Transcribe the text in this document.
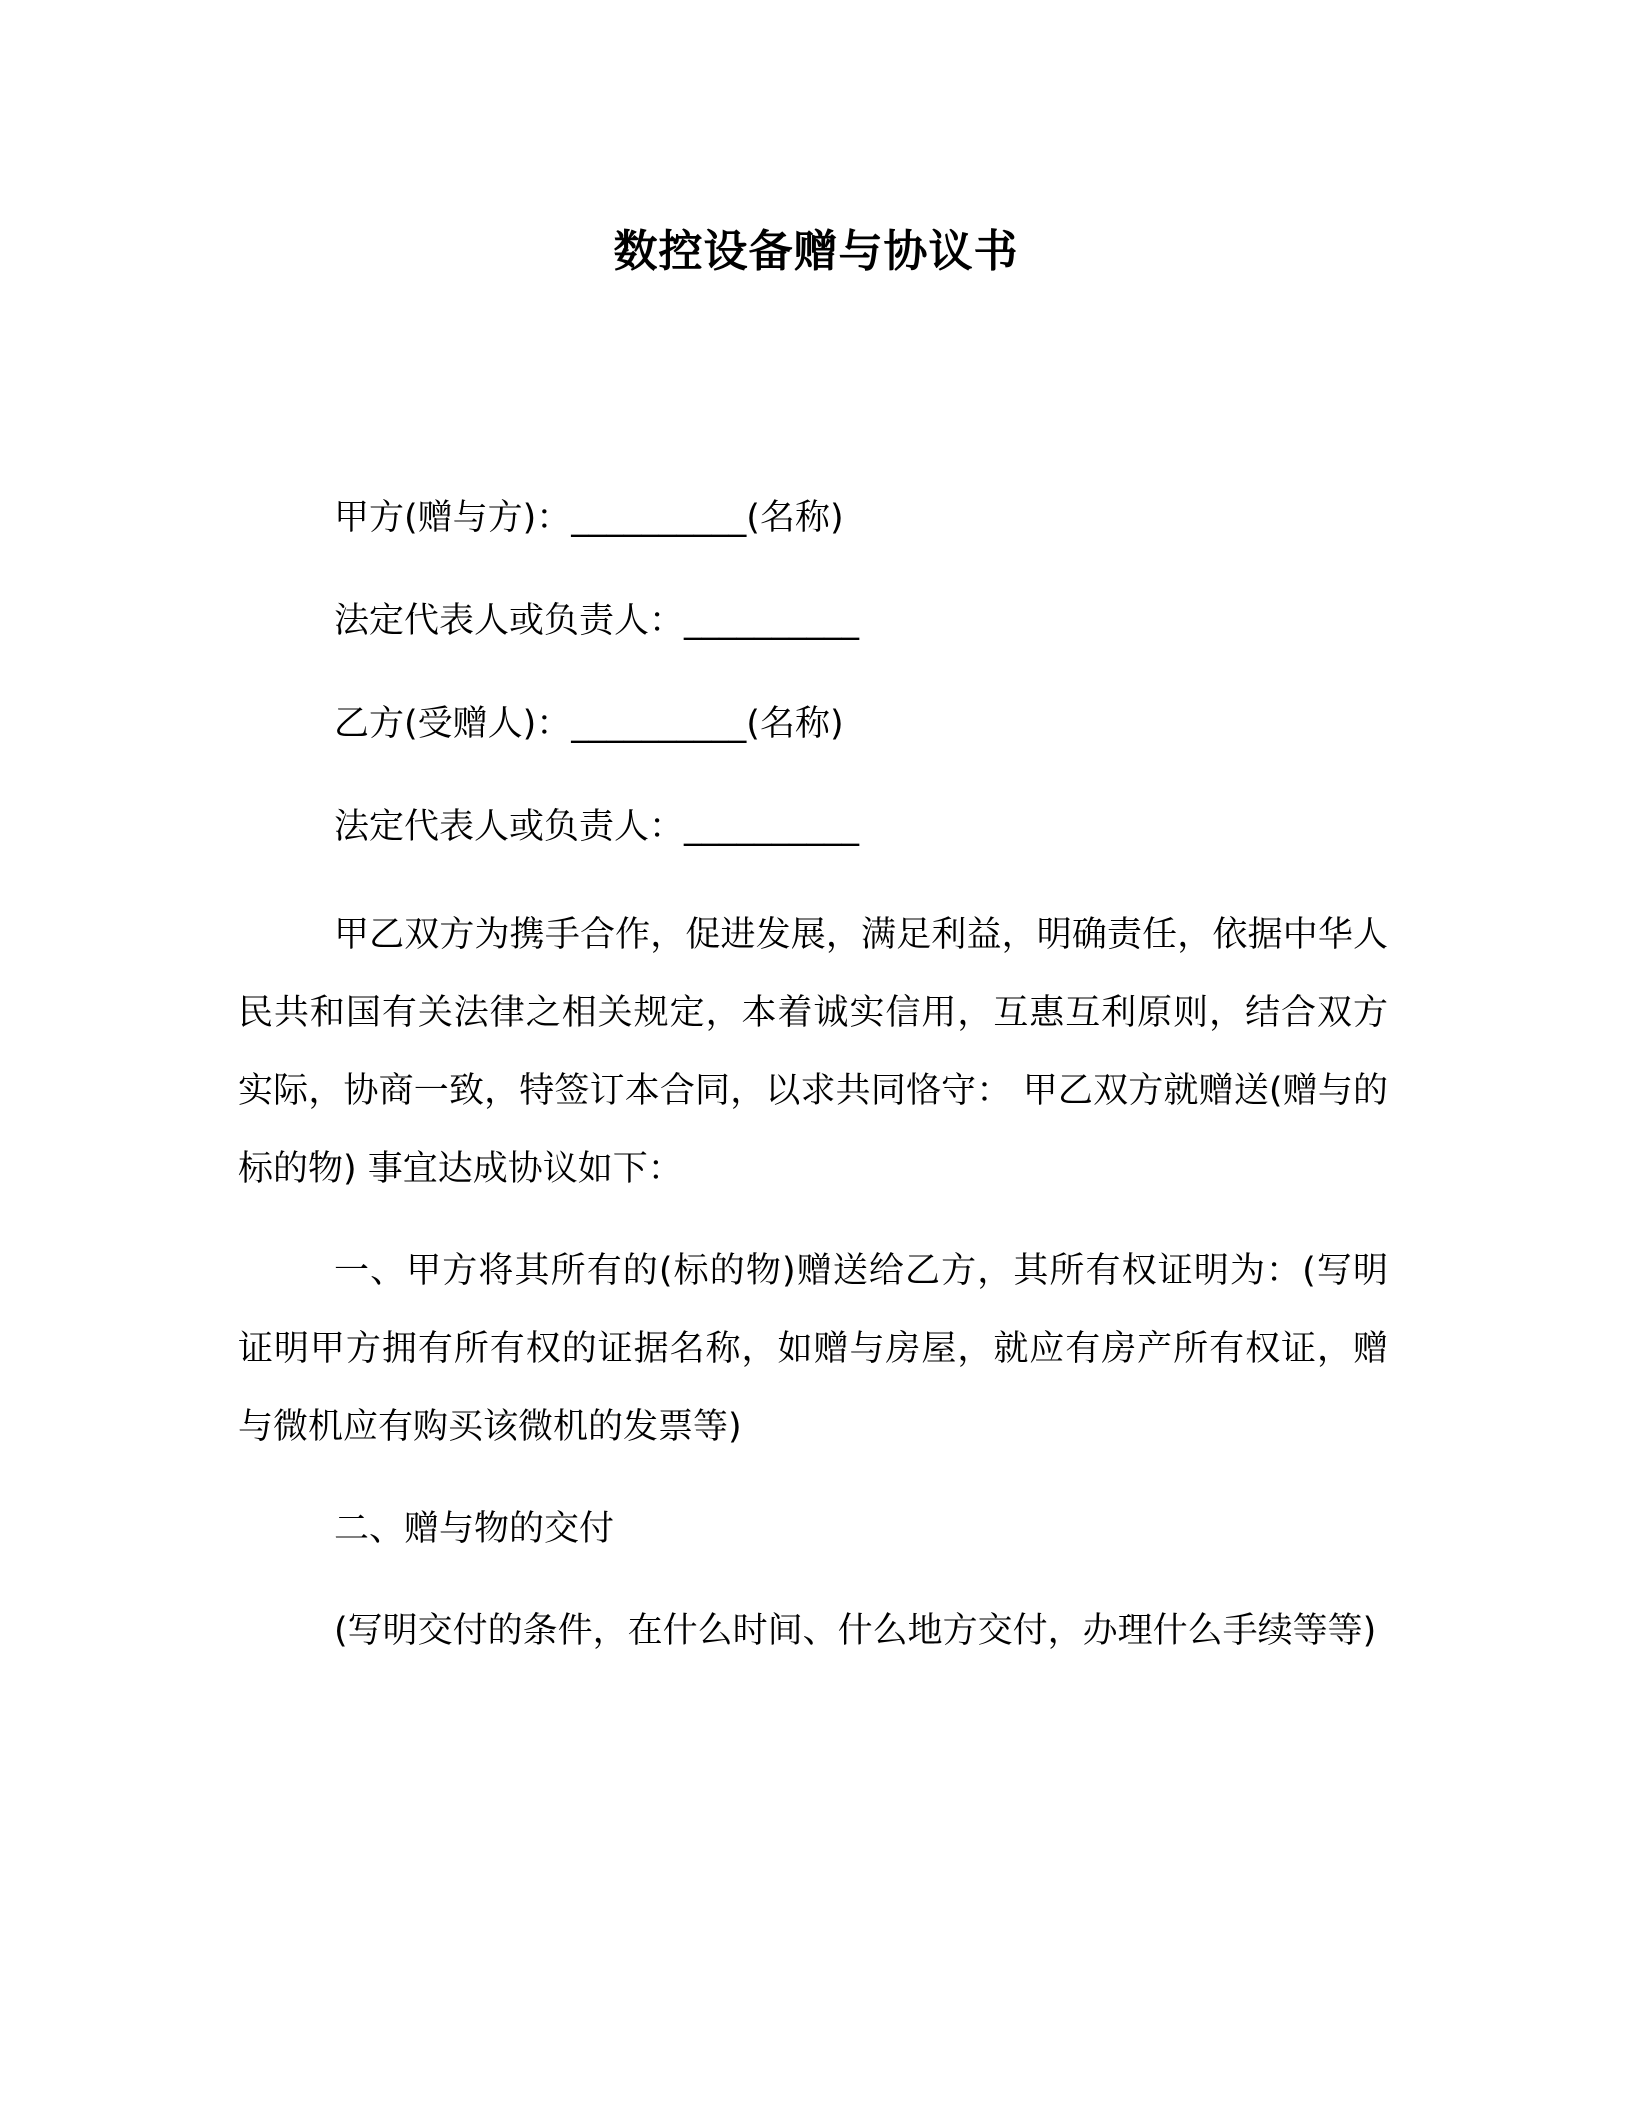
数控设备赠与协议书
甲方(赠与方)：__________(名称)
法定代表人或负责人：__________
乙方(受赠人)：__________(名称)
法定代表人或负责人：__________

甲乙双方为携手合作，促进发展，满足利益，明确责任，依据中华人民共和国有关法律之相关规定，本着诚实信用，互惠互利原则，结合双方实际，协商一致，特签订本合同，以求共同恪守： 甲乙双方就赠送(赠与的标的物) 事宜达成协议如下：

一、甲方将其所有的(标的物)赠送给乙方，其所有权证明为：(写明证明甲方拥有所有权的证据名称，如赠与房屋，就应有房产所有权证，赠与微机应有购买该微机的发票等)

二、赠与物的交付

(写明交付的条件，在什么时间、什么地方交付，办理什么手续等等)
